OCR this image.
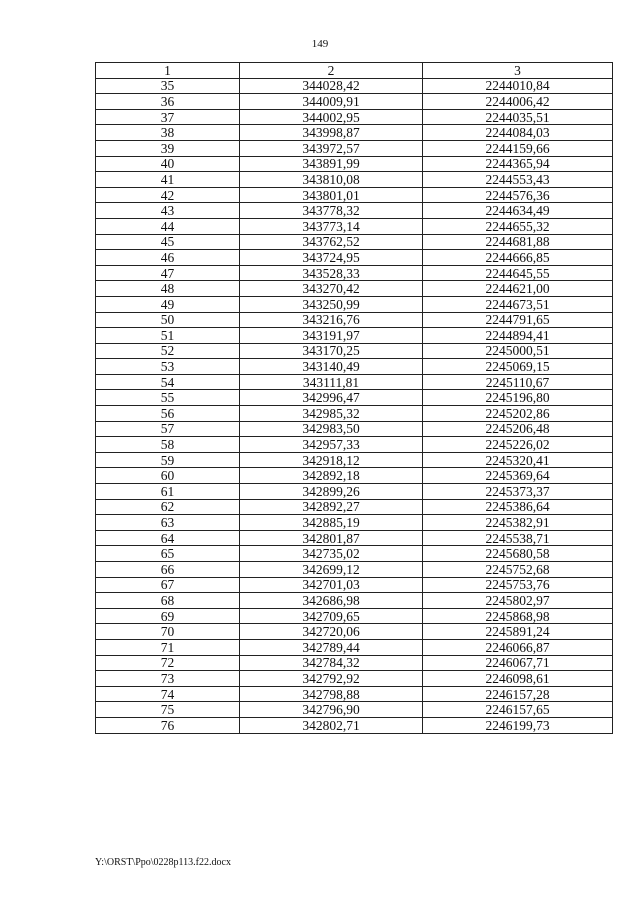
149
1	2	3
35	344028,42	2244010,84
36	344009,91	2244006,42
37	344002,95	2244035,51
38	343998,87	2244084,03
39	343972,57	2244159,66
40	343891,99	2244365,94
41	343810,08	2244553,43
42	343801,01	2244576,36
43	343778,32	2244634,49
44	343773,14	2244655,32
45	343762,52	2244681,88
46	343724,95	2244666,85
47	343528,33	2244645,55
48	343270,42	2244621,00
49	343250,99	2244673,51
50	343216,76	2244791,65
51	343191,97	2244894,41
52	343170,25	2245000,51
53	343140,49	2245069,15
54	343111,81	2245110,67
55	342996,47	2245196,80
56	342985,32	2245202,86
57	342983,50	2245206,48
58	342957,33	2245226,02
59	342918,12	2245320,41
60	342892,18	2245369,64
61	342899,26	2245373,37
62	342892,27	2245386,64
63	342885,19	2245382,91
64	342801,87	2245538,71
65	342735,02	2245680,58
66	342699,12	2245752,68
67	342701,03	2245753,76
68	342686,98	2245802,97
69	342709,65	2245868,98
70	342720,06	2245891,24
71	342789,44	2246066,87
72	342784,32	2246067,71
73	342792,92	2246098,61
74	342798,88	2246157,28
75	342796,90	2246157,65
76	342802,71	2246199,73
Y:\ORST\Ppo\0228p113.f22.docx
